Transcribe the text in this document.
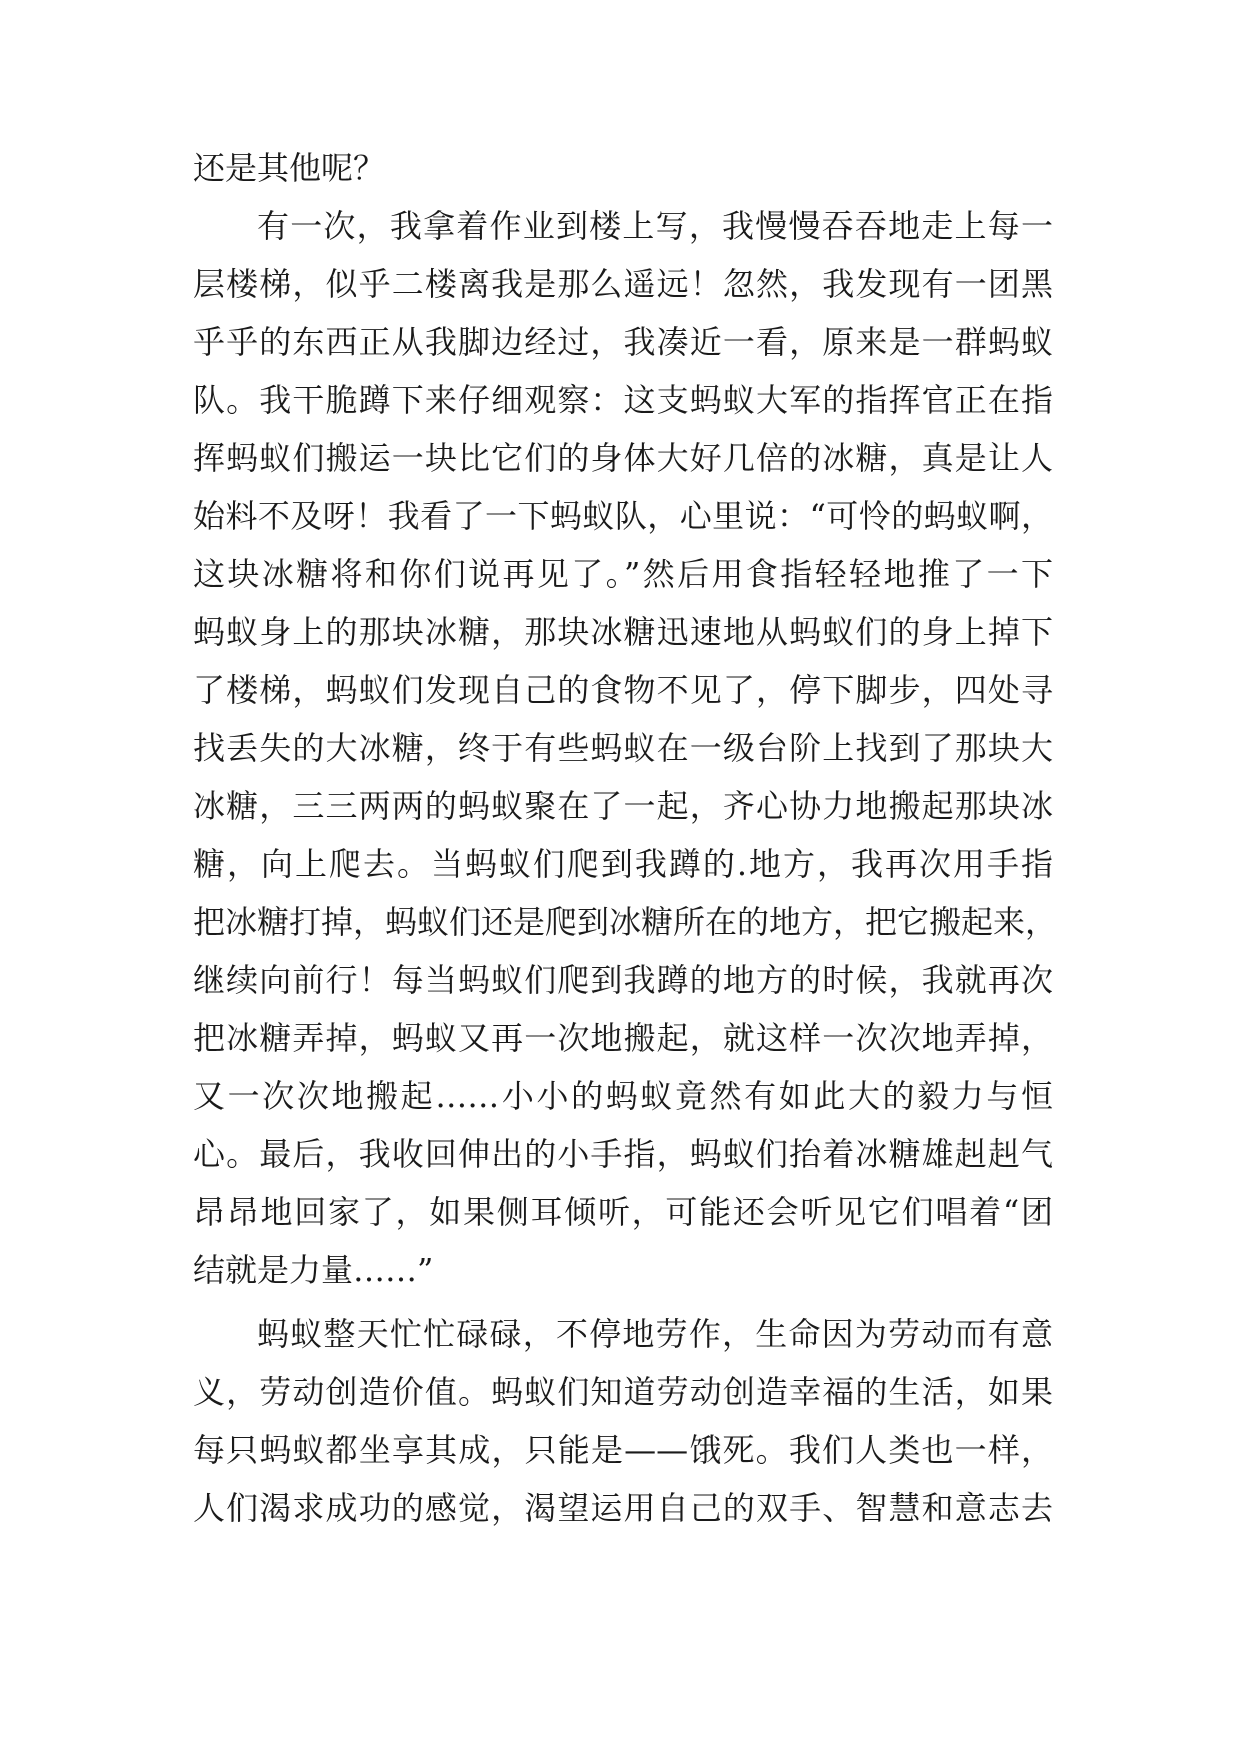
还是其他呢？
有一次，我拿着作业到楼上写，我慢慢吞吞地走上每一
层楼梯，似乎二楼离我是那么遥远！忽然，我发现有一团黑
乎乎的东西正从我脚边经过，我凑近一看，原来是一群蚂蚁
队。我干脆蹲下来仔细观察：这支蚂蚁大军的指挥官正在指
挥蚂蚁们搬运一块比它们的身体大好几倍的冰糖，真是让人
始料不及呀！我看了一下蚂蚁队，心里说：“可怜的蚂蚁啊，
这块冰糖将和你们说再见了。”然后用食指轻轻地推了一下
蚂蚁身上的那块冰糖，那块冰糖迅速地从蚂蚁们的身上掉下
了楼梯，蚂蚁们发现自己的食物不见了，停下脚步，四处寻
找丢失的大冰糖，终于有些蚂蚁在一级台阶上找到了那块大
冰糖，三三两两的蚂蚁聚在了一起，齐心协力地搬起那块冰
糖，向上爬去。当蚂蚁们爬到我蹲的.地方，我再次用手指
把冰糖打掉，蚂蚁们还是爬到冰糖所在的地方，把它搬起来，
继续向前行！每当蚂蚁们爬到我蹲的地方的时候，我就再次
把冰糖弄掉，蚂蚁又再一次地搬起，就这样一次次地弄掉，
又一次次地搬起……小小的蚂蚁竟然有如此大的毅力与恒
心。最后，我收回伸出的小手指，蚂蚁们抬着冰糖雄赳赳气
昂昂地回家了，如果侧耳倾听，可能还会听见它们唱着“团
结就是力量……”
蚂蚁整天忙忙碌碌，不停地劳作，生命因为劳动而有意
义，劳动创造价值。蚂蚁们知道劳动创造幸福的生活，如果
每只蚂蚁都坐享其成，只能是——饿死。我们人类也一样，
人们渴求成功的感觉，渴望运用自己的双手、智慧和意志去
